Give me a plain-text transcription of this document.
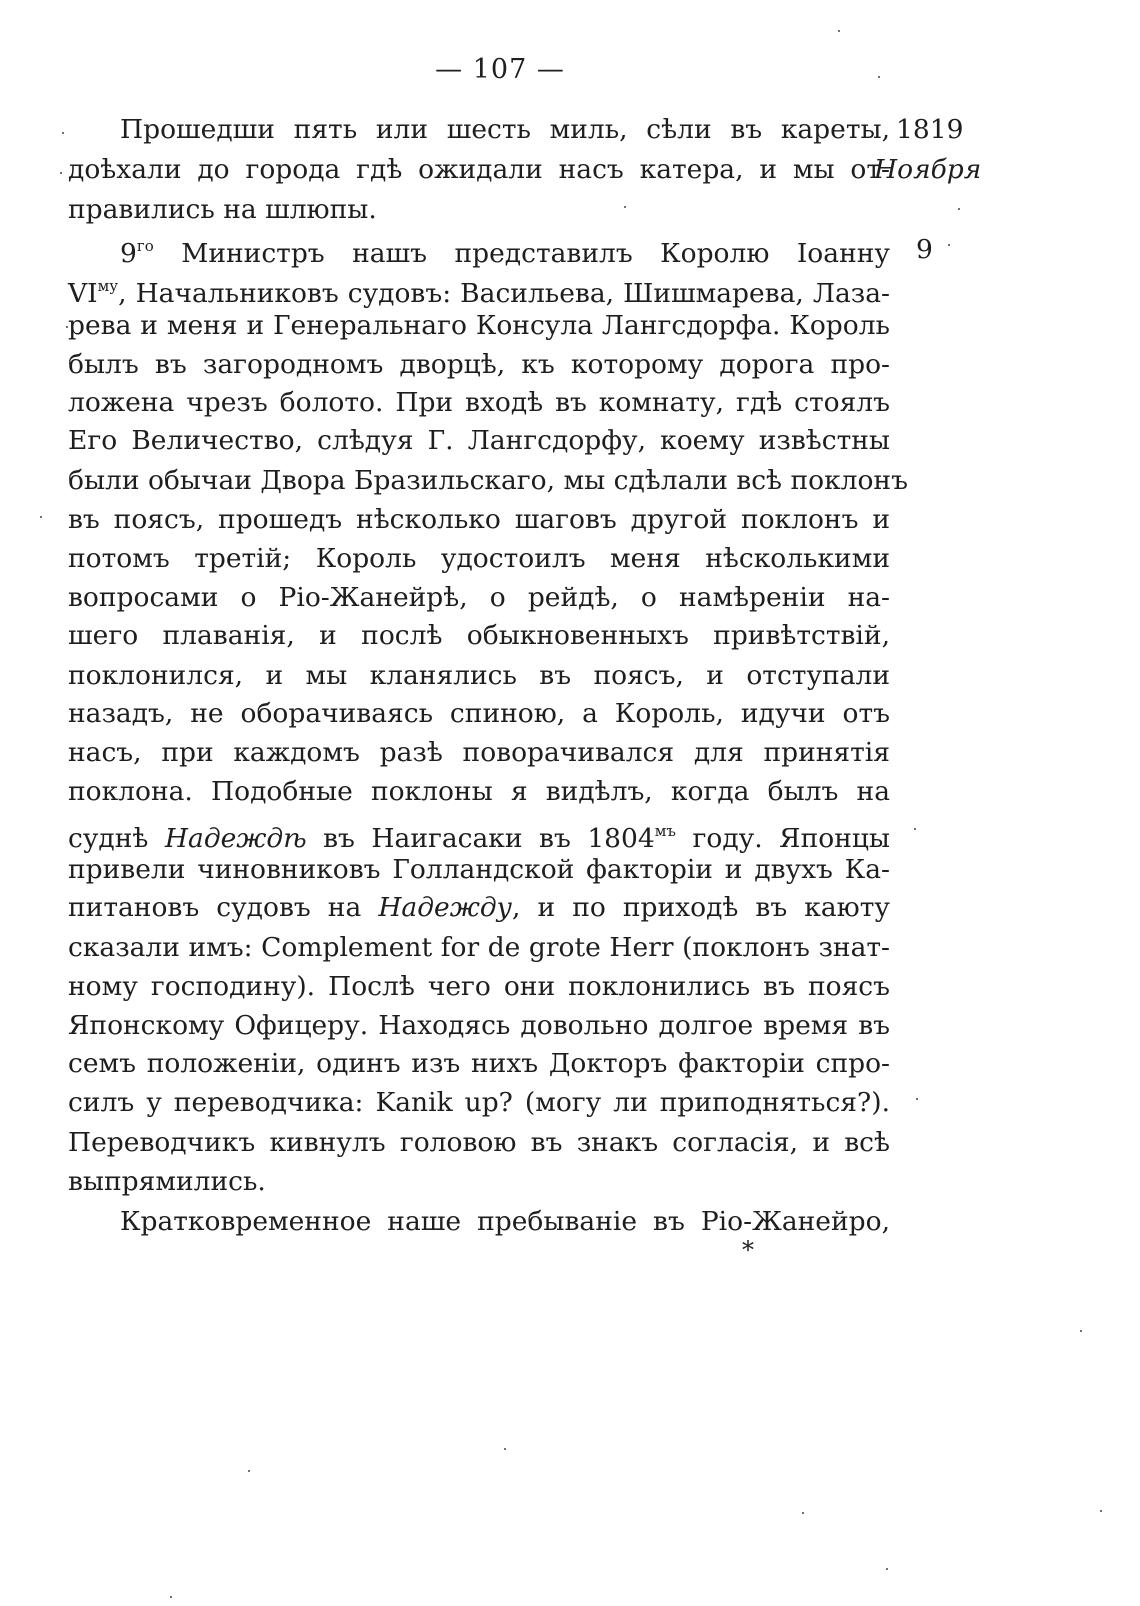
— 107 —
Прошедши пять или шесть миль, сѣли въ кареты,
доѣхали до города гдѣ ожидали насъ катера, и мы от-
правились на шлюпы.
$9^{го}$ Министръ нашъ представилъ Королю Іоанну
$VI^{му}$, Начальниковъ судовъ: Васильева, Шишмарева, Лаза-
рева и меня и Генеральнаго Консула Лангсдорфа. Король
былъ въ загородномъ дворцѣ, къ которому дорога про-
ложена чрезъ болото. При входѣ въ комнату, гдѣ стоялъ
Его Величество, слѣдуя Г. Лангсдорфу, коему извѣстны
были обычаи Двора Бразильскаго, мы сдѣлали всѣ поклонъ
въ поясъ, прошедъ нѣсколько шаговъ другой поклонъ и
потомъ третій; Король удостоилъ меня нѣсколькими
вопросами о Ріо-Жанейрѣ, о рейдѣ, о намѣреніи на-
шего плаванія, и послѣ обыкновенныхъ привѣтствій,
поклонился, и мы кланялись въ поясъ, и отступали
назадъ, не оборачиваясь спиною, а Король, идучи отъ
насъ, при каждомъ разѣ поворачивался для принятія
поклона. Подобные поклоны я видѣлъ, когда былъ на
суднѣ Надеждѣ въ Наигасаки въ $1804^{мъ}$ году. Японцы
привели чиновниковъ Голландской факторіи и двухъ Ка-
питановъ судовъ на Надежду, и по приходѣ въ каюту
сказали имъ: Complement for de grote Herr (поклонъ знат-
ному господину). Послѣ чего они поклонились въ поясъ
Японскому Офицеру. Находясь довольно долгое время въ
семъ положеніи, одинъ изъ нихъ Докторъ факторіи спро-
силъ у переводчика: Kanik up? (могу ли приподняться?).
Переводчикъ кивнулъ головою въ знакъ согласія, и всѣ
выпрямились.
Кратковременное наше пребываніе въ Ріо-Жанейро,
1819
Ноября
9
*
